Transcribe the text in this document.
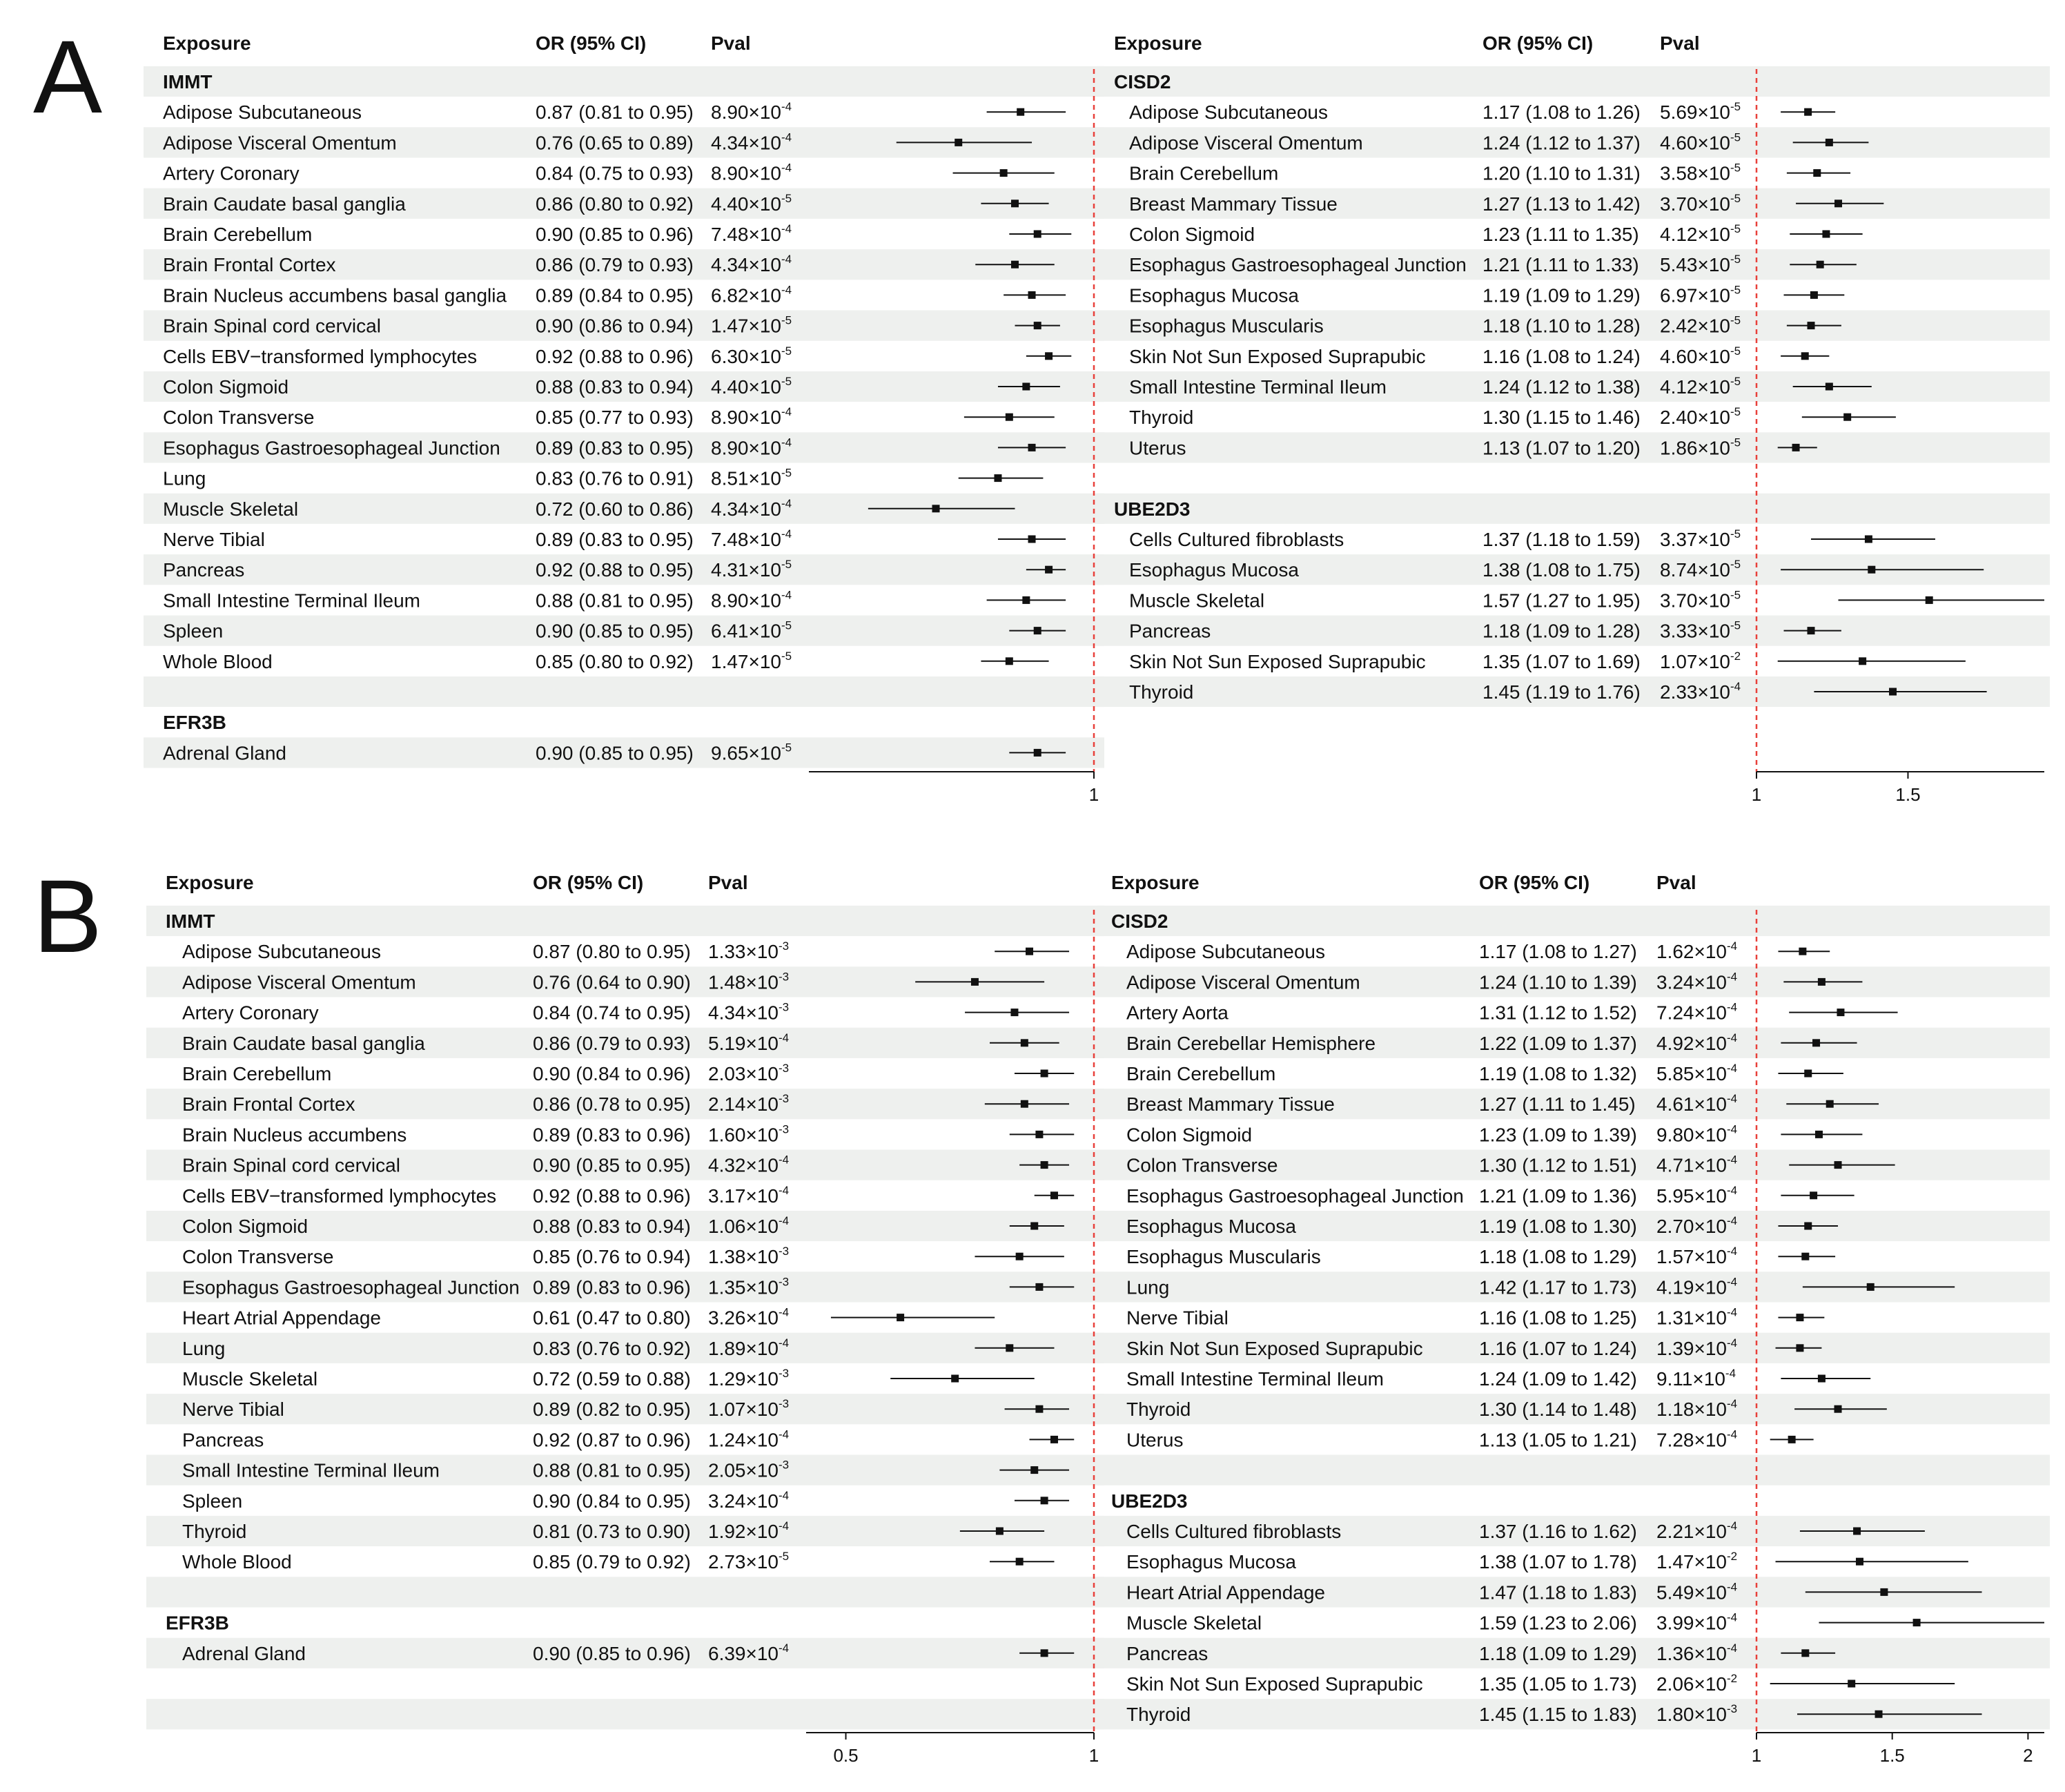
A
B
Exposure	OR (95% CI)	Pval	Exposure	OR (95% CI)	Pval
IMMT
Adipose Subcutaneous	0.87 (0.81 to 0.95) $8.90\times 10^{-4}$
Adipose Visceral Omentum	0.76 (0.65 to 0.89) $4.34\times 10^{-4}$
Artery Coronary	0.84 (0.75 to 0.93) $8.90\times 10^{-4}$
Brain Caudate basal ganglia	0.86 (0.80 to 0.92) $4.40\times 10^{-5}$
Brain Cerebellum	0.90 (0.85 to 0.96) $7.48\times 10^{-4}$
Brain Frontal Cortex	0.86 (0.79 to 0.93) $4.34\times 10^{-4}$
Brain Nucleus accumbens basal ganglia 0.89 (0.84 to 0.95) $6.82\times 10^{-4}$
Brain Spinal cord cervical	0.90 (0.86 to 0.94) $1.47\times 10^{-5}$
Cells EBV−transformed lymphocytes	0.92 (0.88 to 0.96) $6.30\times 10^{-5}$
Colon Sigmoid	0.88 (0.83 to 0.94) $4.40\times 10^{-5}$
Colon Transverse	0.85 (0.77 to 0.93) $8.90\times 10^{-4}$
Esophagus Gastroesophageal Junction 0.89 (0.83 to 0.95) $8.90\times 10^{-4}$
Lung	0.83 (0.76 to 0.91) $8.51\times 10^{-5}$
Muscle Skeletal	0.72 (0.60 to 0.86) $4.34\times 10^{-4}$
Nerve Tibial	0.89 (0.83 to 0.95) $7.48\times 10^{-4}$
Pancreas	0.92 (0.88 to 0.95) $4.31\times 10^{-5}$
Small Intestine Terminal Ileum	0.88 (0.81 to 0.95) $8.90\times 10^{-4}$
Spleen	0.90 (0.85 to 0.95) $6.41\times 10^{-5}$
Whole Blood	0.85 (0.80 to 0.92) $1.47\times 10^{-5}$
EFR3B
Adrenal Gland	0.90 (0.85 to 0.95) $9.65\times 10^{-5}$
CISD2
Adipose Subcutaneous	1.17 (1.08 to 1.26) $5.69\times 10^{-5}$
Adipose Visceral Omentum	1.24 (1.12 to 1.37) $4.60\times 10^{-5}$
Brain Cerebellum	1.20 (1.10 to 1.31) $3.58\times 10^{-5}$
Breast Mammary Tissue	1.27 (1.13 to 1.42) $3.70\times 10^{-5}$
Colon Sigmoid	1.23 (1.11 to 1.35) $4.12\times 10^{-5}$
Esophagus Gastroesophageal Junction 1.21 (1.11 to 1.33) $5.43\times 10^{-5}$
Esophagus Mucosa	1.19 (1.09 to 1.29) $6.97\times 10^{-5}$
Esophagus Muscularis	1.18 (1.10 to 1.28) $2.42\times 10^{-5}$
Skin Not Sun Exposed Suprapubic	1.16 (1.08 to 1.24) $4.60\times 10^{-5}$
Small Intestine Terminal Ileum	1.24 (1.12 to 1.38) $4.12\times 10^{-5}$
Thyroid	1.30 (1.15 to 1.46) $2.40\times 10^{-5}$
Uterus	1.13 (1.07 to 1.20) $1.86\times 10^{-5}$
UBE2D3
Cells Cultured fibroblasts	1.37 (1.18 to 1.59) $3.37\times 10^{-5}$
Esophagus Mucosa	1.38 (1.08 to 1.75) $8.74\times 10^{-5}$
Muscle Skeletal	1.57 (1.27 to 1.95) $3.70\times 10^{-5}$
Pancreas	1.18 (1.09 to 1.28) $3.33\times 10^{-5}$
Skin Not Sun Exposed Suprapubic	1.35 (1.07 to 1.69) $1.07\times 10^{-2}$
Thyroid	1.45 (1.19 to 1.76) $2.33\times 10^{-4}$
1	1	1.5
Exposure	OR (95% CI)	Pval	Exposure	OR (95% CI)	Pval
IMMT
Adipose Subcutaneous	0.87 (0.80 to 0.95) $1.33\times 10^{-3}$
Adipose Visceral Omentum	0.76 (0.64 to 0.90) $1.48\times 10^{-3}$
Artery Coronary	0.84 (0.74 to 0.95) $4.34\times 10^{-3}$
Brain Caudate basal ganglia	0.86 (0.79 to 0.93) $5.19\times 10^{-4}$
Brain Cerebellum	0.90 (0.84 to 0.96) $2.03\times 10^{-3}$
Brain Frontal Cortex	0.86 (0.78 to 0.95) $2.14\times 10^{-3}$
Brain Nucleus accumbens	0.89 (0.83 to 0.96) $1.60\times 10^{-3}$
Brain Spinal cord cervical	0.90 (0.85 to 0.95) $4.32\times 10^{-4}$
Cells EBV−transformed lymphocytes 0.92 (0.88 to 0.96) $3.17\times 10^{-4}$
Colon Sigmoid	0.88 (0.83 to 0.94) $1.06\times 10^{-4}$
Colon Transverse	0.85 (0.76 to 0.94) $1.38\times 10^{-3}$
Esophagus Gastroesophageal Junction 0.89 (0.83 to 0.96) $1.35\times 10^{-3}$
Heart Atrial Appendage	0.61 (0.47 to 0.80) $3.26\times 10^{-4}$
Lung	0.83 (0.76 to 0.92) $1.89\times 10^{-4}$
Muscle Skeletal	0.72 (0.59 to 0.88) $1.29\times 10^{-3}$
Nerve Tibial	0.89 (0.82 to 0.95) $1.07\times 10^{-3}$
Pancreas	0.92 (0.87 to 0.96) $1.24\times 10^{-4}$
Small Intestine Terminal Ileum	0.88 (0.81 to 0.95) $2.05\times 10^{-3}$
Spleen	0.90 (0.84 to 0.95) $3.24\times 10^{-4}$
Thyroid	0.81 (0.73 to 0.90) $1.92\times 10^{-4}$
Whole Blood	0.85 (0.79 to 0.92) $2.73\times 10^{-5}$
EFR3B
Adrenal Gland	0.90 (0.85 to 0.96) $6.39\times 10^{-4}$
CISD2
Adipose Subcutaneous	1.17 (1.08 to 1.27) $1.62\times 10^{-4}$
Adipose Visceral Omentum	1.24 (1.10 to 1.39) $3.24\times 10^{-4}$
Artery Aorta	1.31 (1.12 to 1.52) $7.24\times 10^{-4}$
Brain Cerebellar Hemisphere	1.22 (1.09 to 1.37) $4.92\times 10^{-4}$
Brain Cerebellum	1.19 (1.08 to 1.32) $5.85\times 10^{-4}$
Breast Mammary Tissue	1.27 (1.11 to 1.45) $4.61\times 10^{-4}$
Colon Sigmoid	1.23 (1.09 to 1.39) $9.80\times 10^{-4}$
Colon Transverse	1.30 (1.12 to 1.51) $4.71\times 10^{-4}$
Esophagus Gastroesophageal Junction 1.21 (1.09 to 1.36) $5.95\times 10^{-4}$
Esophagus Mucosa	1.19 (1.08 to 1.30) $2.70\times 10^{-4}$
Esophagus Muscularis	1.18 (1.08 to 1.29) $1.57\times 10^{-4}$
Lung	1.42 (1.17 to 1.73) $4.19\times 10^{-4}$
Nerve Tibial	1.16 (1.08 to 1.25) $1.31\times 10^{-4}$
Skin Not Sun Exposed Suprapubic	1.16 (1.07 to 1.24) $1.39\times 10^{-4}$
Small Intestine Terminal Ileum	1.24 (1.09 to 1.42) $9.11\times 10^{-4}$
Thyroid	1.30 (1.14 to 1.48) $1.18\times 10^{-4}$
Uterus	1.13 (1.05 to 1.21) $7.28\times 10^{-4}$
UBE2D3
Cells Cultured fibroblasts	1.37 (1.16 to 1.62) $2.21\times 10^{-4}$
Esophagus Mucosa	1.38 (1.07 to 1.78) $1.47\times 10^{-2}$
Heart Atrial Appendage	1.47 (1.18 to 1.83) $5.49\times 10^{-4}$
Muscle Skeletal	1.59 (1.23 to 2.06) $3.99\times 10^{-4}$
Pancreas	1.18 (1.09 to 1.29) $1.36\times 10^{-4}$
Skin Not Sun Exposed Suprapubic	1.35 (1.05 to 1.73) $2.06\times 10^{-2}$
Thyroid	1.45 (1.15 to 1.83) $1.80\times 10^{-3}$
0.5	1	1	1.5	2
